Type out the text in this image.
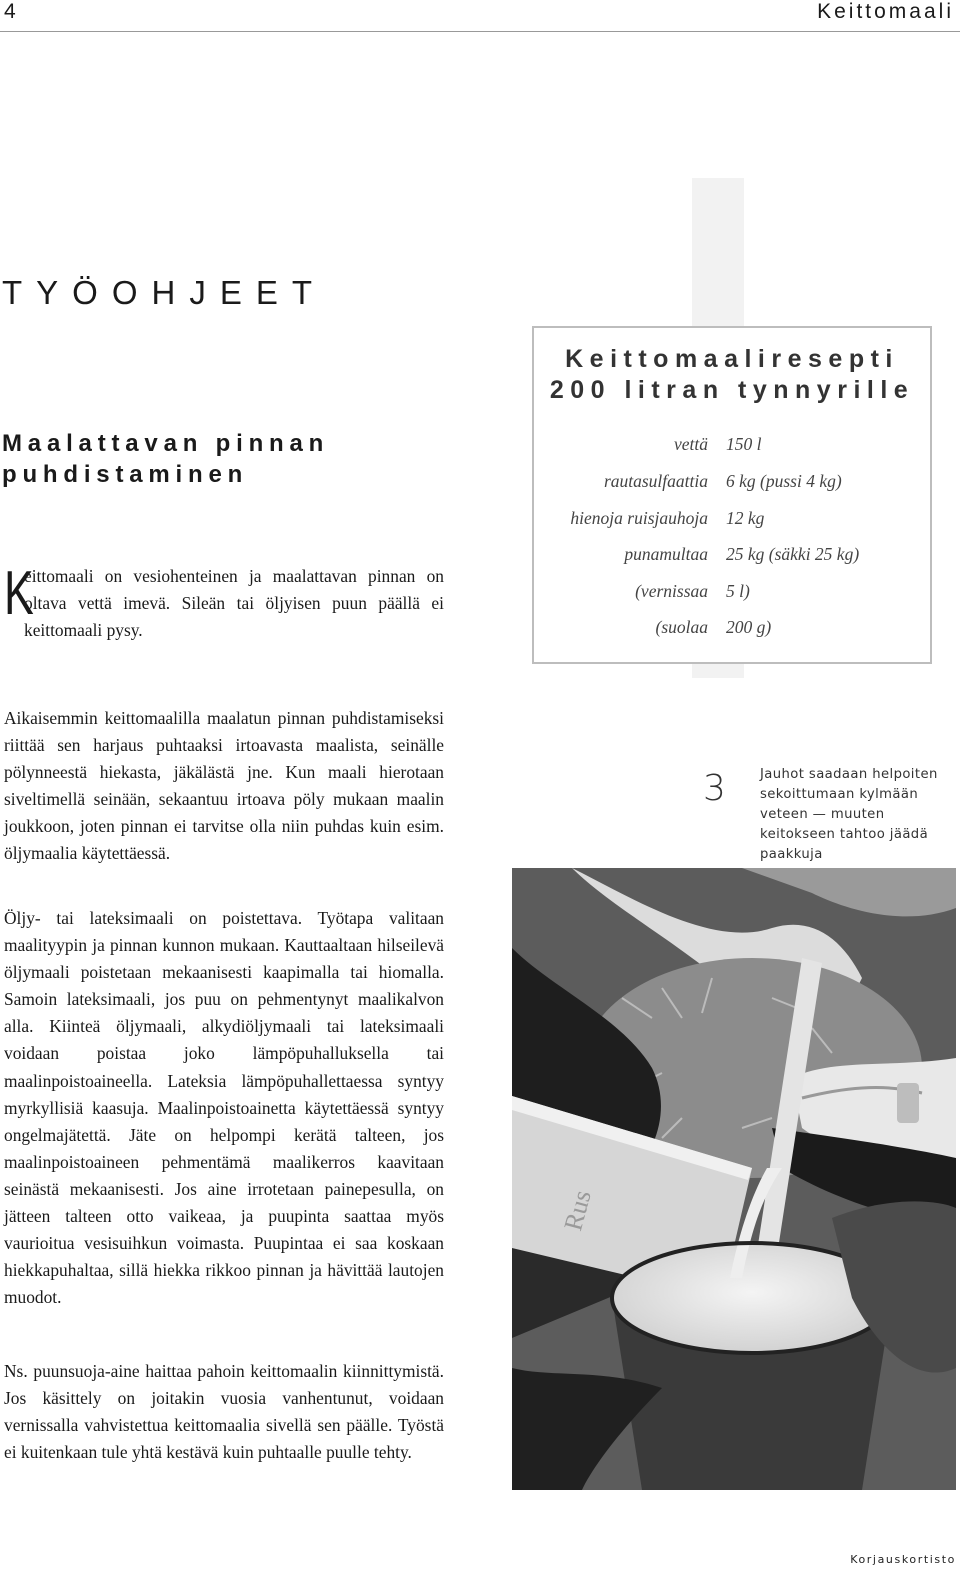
4	Keittomaali
TYÖOHJEET
Maalattavan pinnan
puhdistaminen

K
eittomaali on vesiohenteinen ja maalattavan pinnan on oltava vettä imevä. Sileän tai öljyisen puun päällä ei keittomaali pysy.

Aikaisemmin keittomaalilla maalatun pinnan puhdistamiseksi riittää sen harjaus puhtaaksi irtoavasta maalista, seinälle pölynneestä hiekasta, jäkälästä jne. Kun maali hierotaan siveltimellä seinään, sekaantuu irtoava pöly mukaan maalin joukkoon, joten pinnan ei tarvitse olla niin puhdas kuin esim. öljymaalia käytettäessä.

Öljy- tai lateksimaali on poistettava. Työtapa valitaan maalityypin ja pinnan kunnon mukaan. Kauttaaltaan hilseilevä öljymaali poistetaan mekaanisesti kaapimalla tai hiomalla. Samoin lateksimaali, jos puu on pehmentynyt maalikalvon alla. Kiinteä öljymaali, alkydiöljymaali tai lateksimaali voidaan poistaa joko lämpöpuhalluksella tai maalinpoistoaineella. Lateksia lämpöpuhallettaessa syntyy myrkyllisiä kaasuja. Maalinpoistoainetta käytettäessä syntyy ongelmajätettä. Jäte on helpompi kerätä talteen, jos maalinpoistoaineen pehmentämä maalikerros kaavitaan seinästä mekaanisesti. Jos aine irrotetaan painepesulla, on jätteen talteen otto vaikeaa, ja puupinta saattaa myös vaurioitua vesisuihkun voimasta. Puupintaa ei saa koskaan hiekkapuhaltaa, sillä hiekka rikkoo pinnan ja hävittää lautojen muodot.

Ns. puunsuoja-aine haittaa pahoin keittomaalin kiinnittymistä. Jos käsittely on joitakin vuosia vanhentunut, voidaan vernissalla vahvistettua keittomaalia sivellä sen päälle. Työstä ei kuitenkaan tule yhtä kestävä kuin puhtaalle puulle tehty.

Keittomaaliresepti
200 litran tynnyrille
vettä 150 l
rautasulfaattia 6 kg (pussi 4 kg)
hienoja ruisjauhoja 12 kg
punamultaa 25 kg (säkki 25 kg)
(vernissaa 5 l)
(suolaa 200 g)
3	Jauhot saadaan helpoiten sekoittumaan kylmään veteen — muuten keitokseen tahtoo jäädä paakkuja

Rus
Korjauskortisto
